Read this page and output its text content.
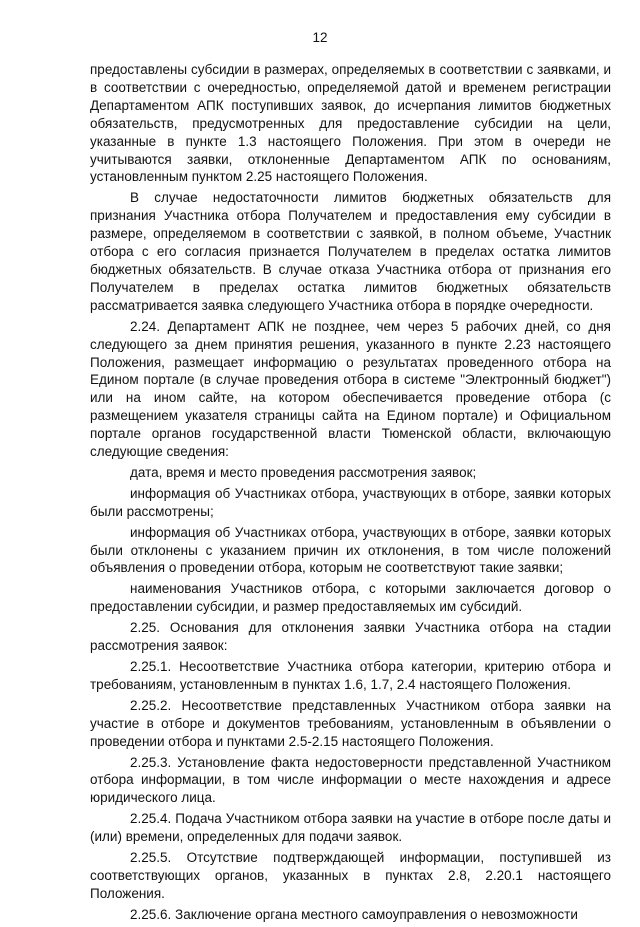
12

предоставлены субсидии в размерах, определяемых в соответствии с заявками, и в соответствии с очередностью, определяемой датой и временем регистрации Департаментом АПК поступивших заявок, до исчерпания лимитов бюджетных обязательств, предусмотренных для предоставление субсидии на цели, указанные в пункте 1.3 настоящего Положения. При этом в очереди не учитываются заявки, отклоненные Департаментом АПК по основаниям, установленным пунктом 2.25 настоящего Положения.

В случае недостаточности лимитов бюджетных обязательств для признания Участника отбора Получателем и предоставления ему субсидии в размере, определяемом в соответствии с заявкой, в полном объеме, Участник отбора с его согласия признается Получателем в пределах остатка лимитов бюджетных обязательств. В случае отказа Участника отбора от признания его Получателем в пределах остатка лимитов бюджетных обязательств рассматривается заявка следующего Участника отбора в порядке очередности.

2.24. Департамент АПК не позднее, чем через 5 рабочих дней, со дня следующего за днем принятия решения, указанного в пункте 2.23 настоящего Положения, размещает информацию о результатах проведенного отбора на Едином портале (в случае проведения отбора в системе "Электронный бюджет") или на ином сайте, на котором обеспечивается проведение отбора (с размещением указателя страницы сайта на Едином портале) и Официальном портале органов государственной власти Тюменской области, включающую следующие сведения:

дата, время и место проведения рассмотрения заявок;

информация об Участниках отбора, участвующих в отборе, заявки которых были рассмотрены;

информация об Участниках отбора, участвующих в отборе, заявки которых были отклонены с указанием причин их отклонения, в том числе положений объявления о проведении отбора, которым не соответствуют такие заявки;

наименования Участников отбора, с которыми заключается договор о предоставлении субсидии, и размер предоставляемых им субсидий.

2.25. Основания для отклонения заявки Участника отбора на стадии рассмотрения заявок:

2.25.1. Несоответствие Участника отбора категории, критерию отбора и требованиям, установленным в пунктах 1.6, 1.7, 2.4 настоящего Положения.

2.25.2. Несоответствие представленных Участником отбора заявки на участие в отборе и документов требованиям, установленным в объявлении о проведении отбора и пунктами 2.5-2.15 настоящего Положения.

2.25.3. Установление факта недостоверности представленной Участником отбора информации, в том числе информации о месте нахождения и адресе юридического лица.

2.25.4. Подача Участником отбора заявки на участие в отборе после даты и (или) времени, определенных для подачи заявок.

2.25.5. Отсутствие подтверждающей информации, поступившей из соответствующих органов, указанных в пунктах 2.8, 2.20.1 настоящего Положения.

2.25.6. Заключение органа местного самоуправления о невозможности
